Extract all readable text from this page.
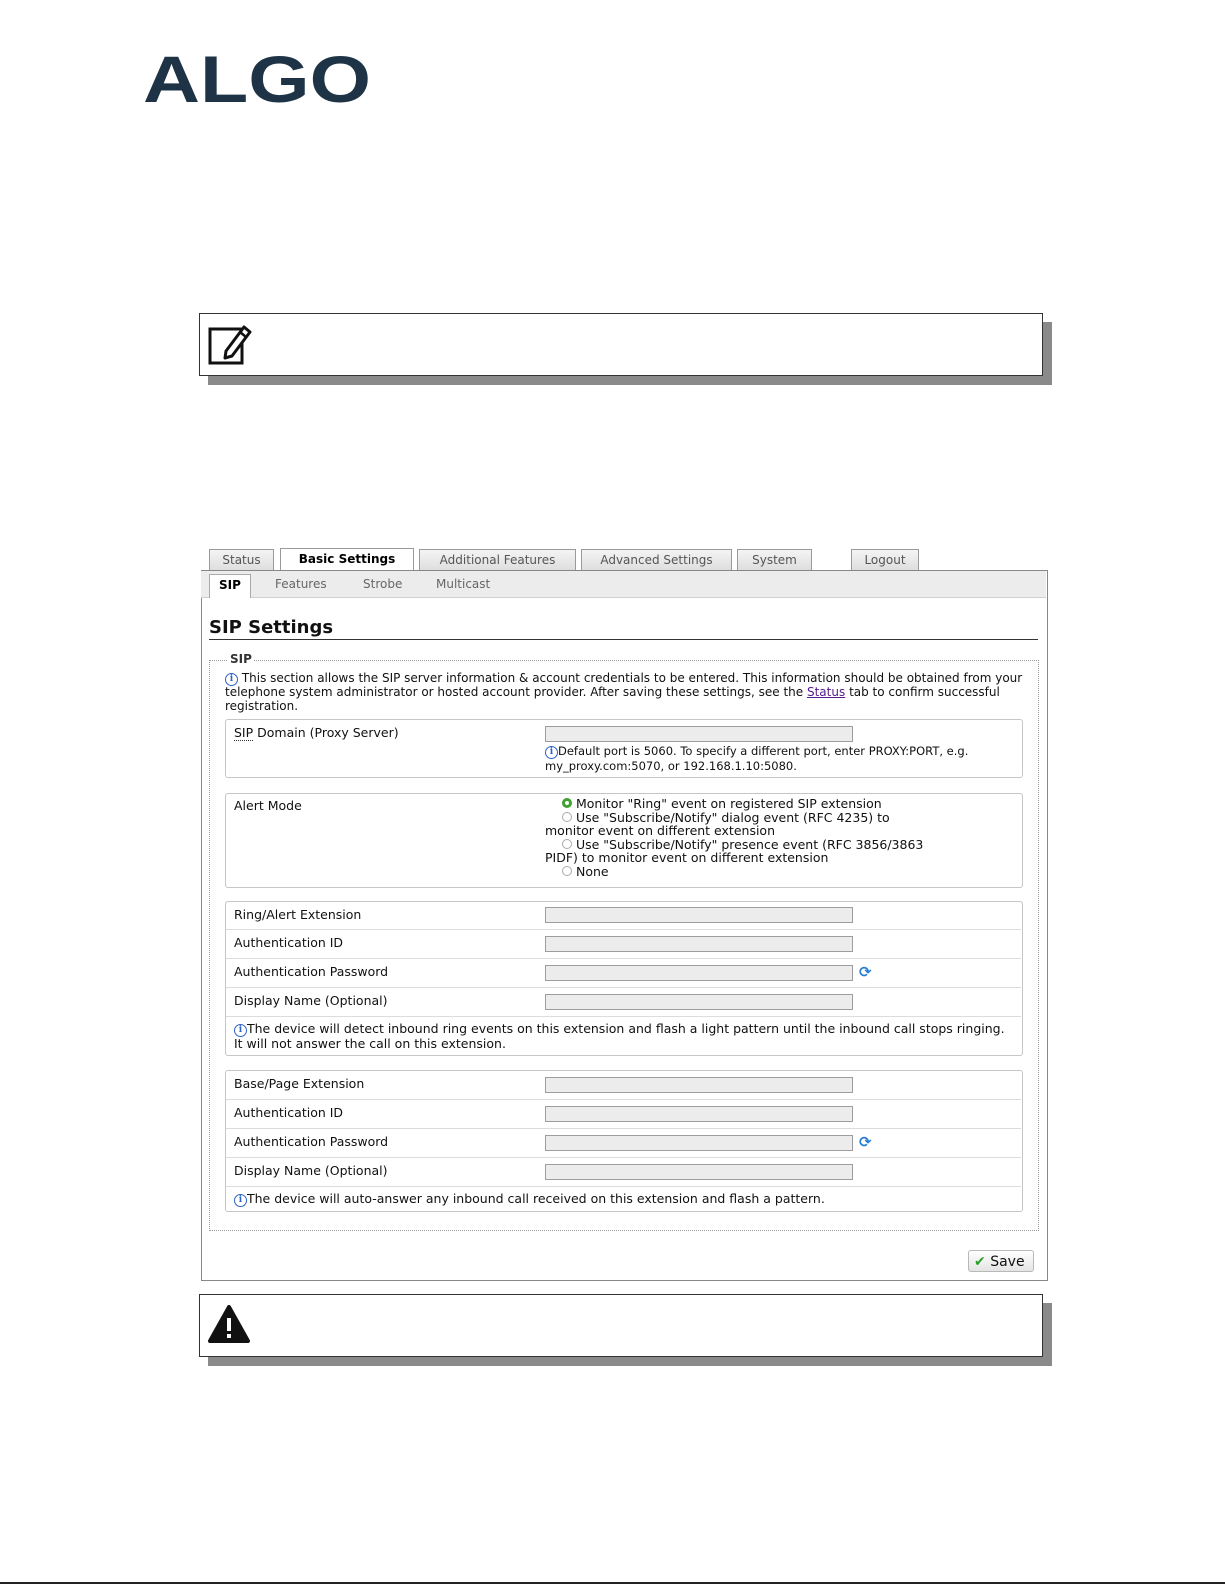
ALGO
Status	Basic Settings	Additional Features	Advanced Settings	System	Logout
SIP	Features	Strobe	Multicast
SIP Settings
SIP
i This section allows the SIP server information & account credentials to be entered. This information should be obtained from your telephone system administrator or hosted account provider. After saving these settings, see the Status tab to confirm successful registration.
SIP Domain (Proxy Server)
i Default port is 5060. To specify a different port, enter PROXY:PORT, e.g. my_proxy.com:5070, or 192.168.1.10:5080.
Alert Mode	Monitor "Ring" event on registered SIP extension
Use "Subscribe/Notify" dialog event (RFC 4235) to
monitor event on different extension
Use "Subscribe/Notify" presence event (RFC 3856/3863
PIDF) to monitor event on different extension
None
Ring/Alert Extension
Authentication ID
Authentication Password	⟳
Display Name (Optional)
i The device will detect inbound ring events on this extension and flash a light pattern until the inbound call stops ringing. It will not answer the call on this extension.
Base/Page Extension
Authentication ID
Authentication Password	⟳
Display Name (Optional)
i The device will auto-answer any inbound call received on this extension and flash a pattern.
✔ Save
